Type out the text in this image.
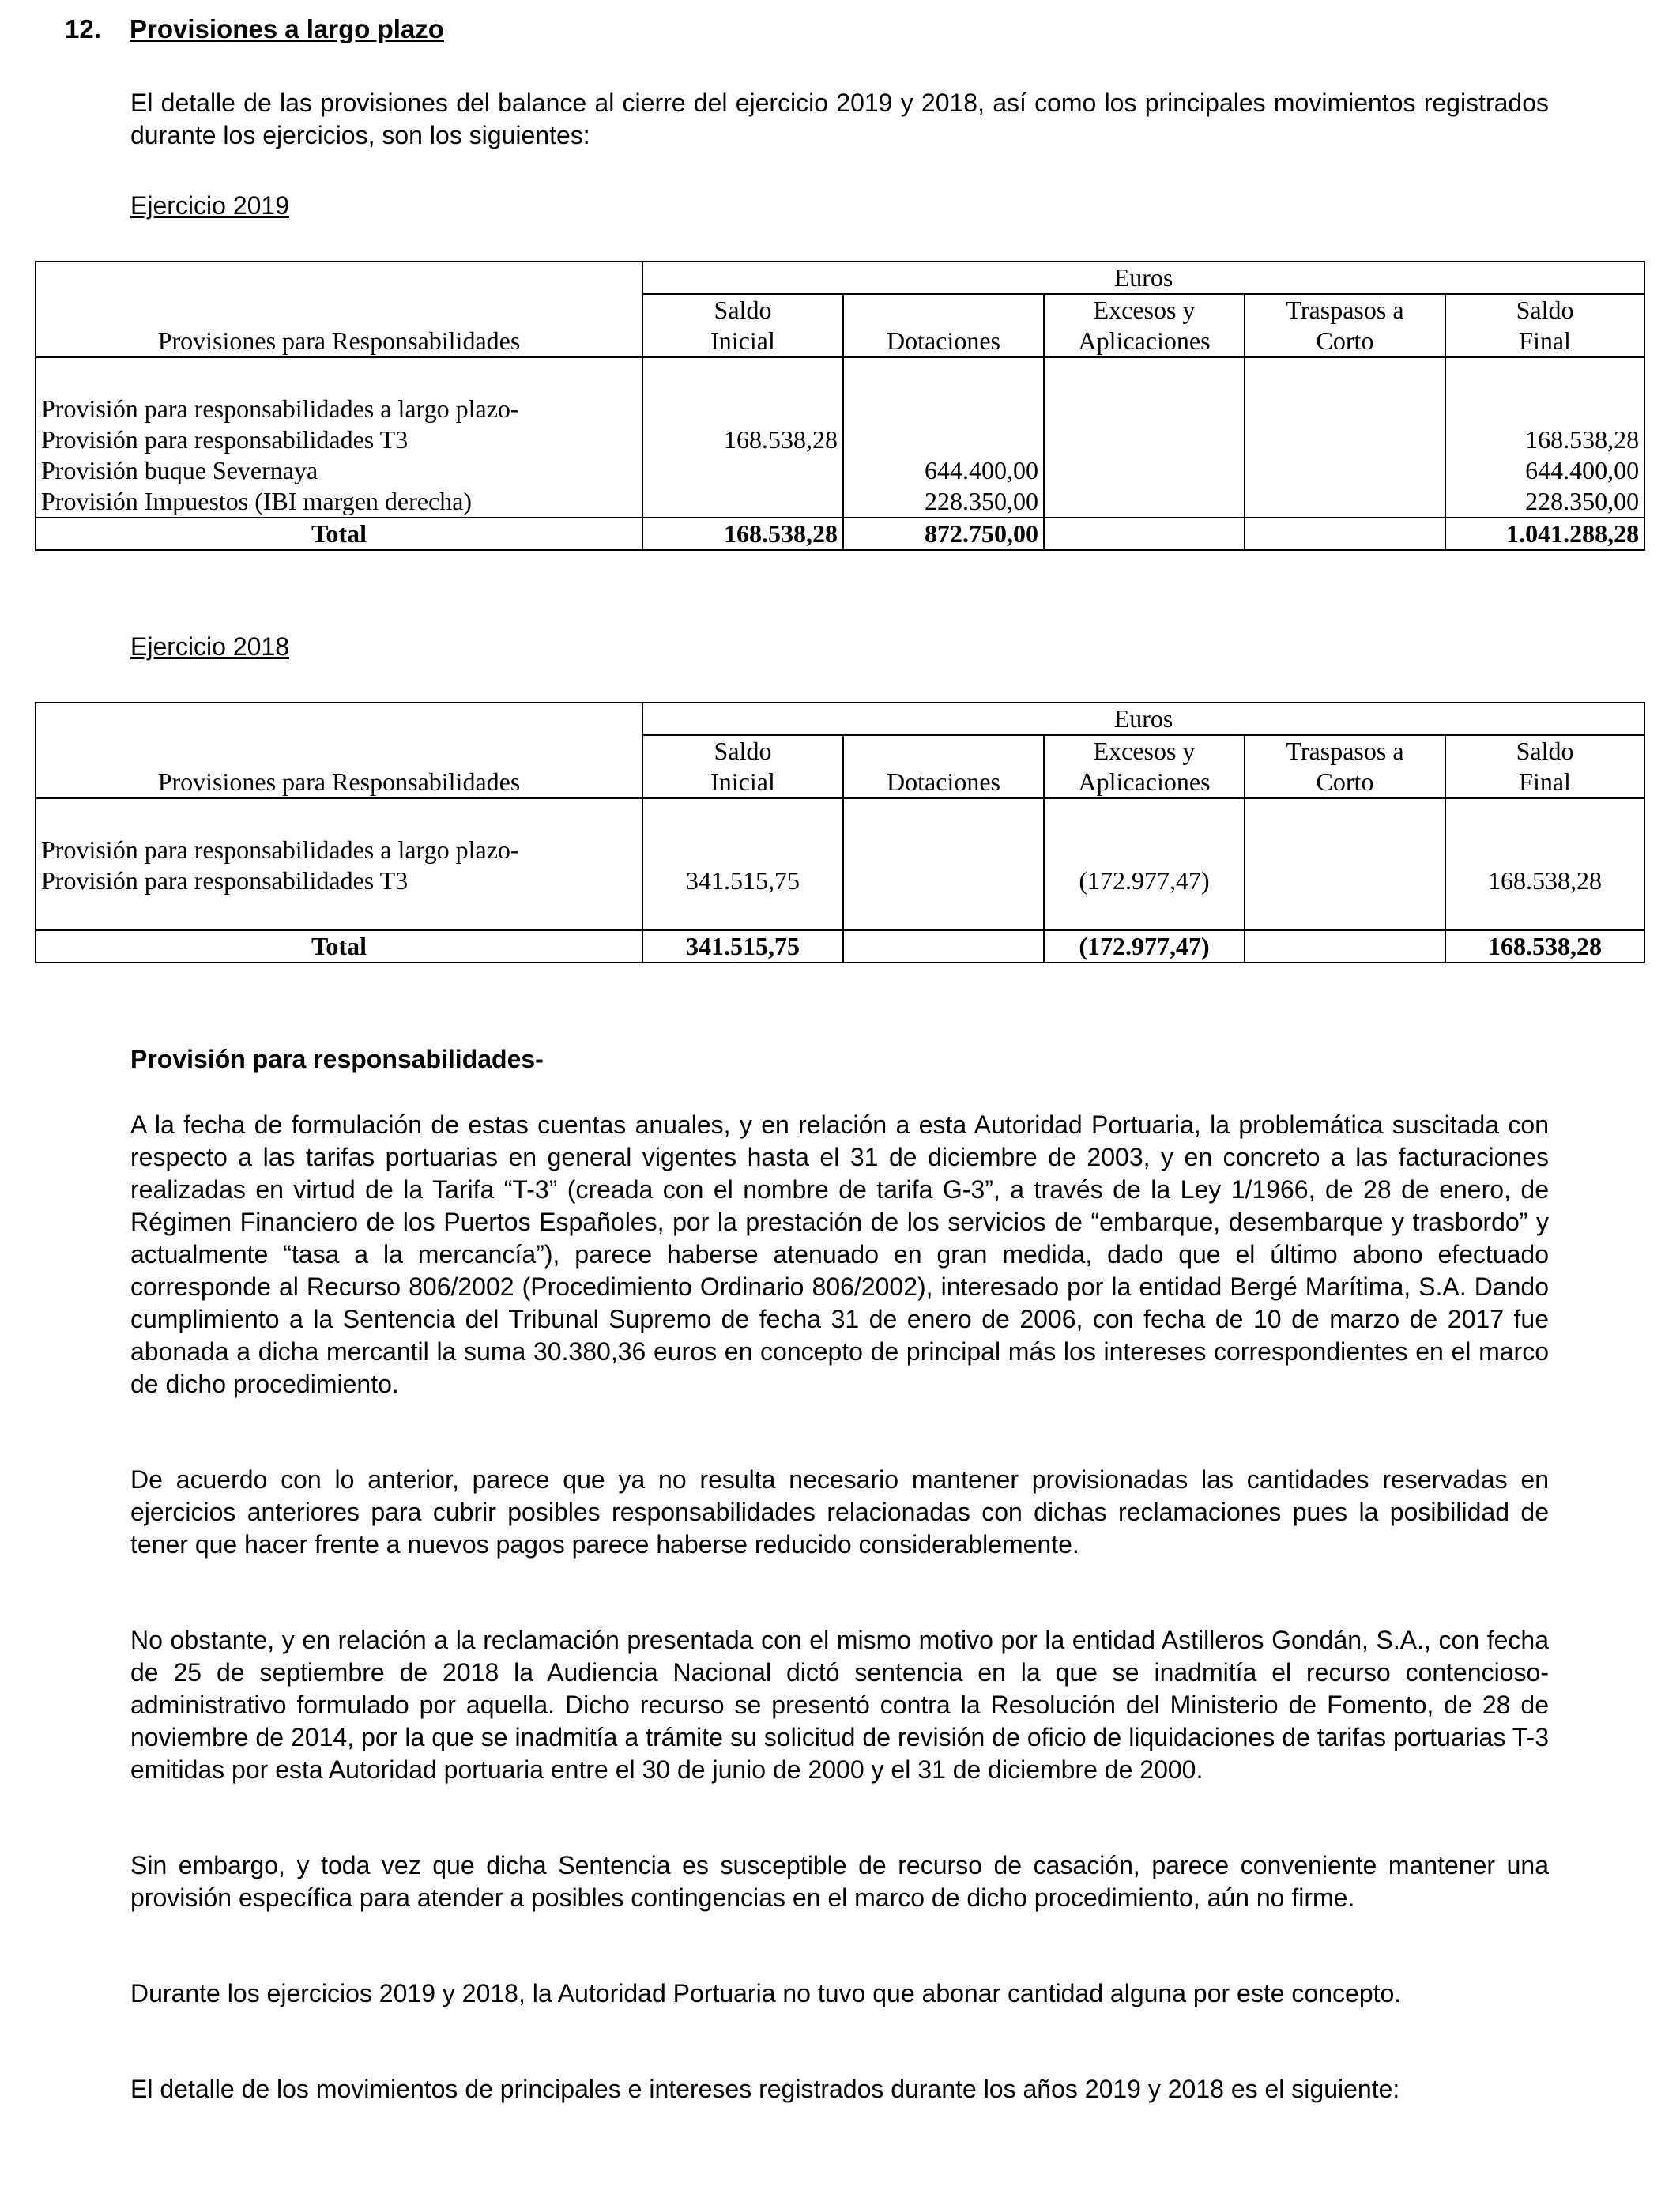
12. Provisiones a largo plazo

El detalle de las provisiones del balance al cierre del ejercicio 2019 y 2018, así como los principales movimientos registrados durante los ejercicios, son los siguientes:

Ejercicio 2019
Provisiones para Responsabilidades	Euros				
	Saldo		Excesos y	Traspasos a	Saldo
	Inicial	Dotaciones	Aplicaciones	Corto	Final

Provisión para responsabilidades a largo plazo-					
Provisión para responsabilidades T3	168.538,28				168.538,28
Provisión buque Severnaya		644.400,00			644.400,00
Provisión Impuestos (IBI margen derecha)		228.350,00			228.350,00
Total	168.538,28	872.750,00			1.041.288,28
Ejercicio 2018
Provisiones para Responsabilidades	Euros				
	Saldo		Excesos y	Traspasos a	Saldo
	Inicial	Dotaciones	Aplicaciones	Corto	Final

Provisión para responsabilidades a largo plazo-					
Provisión para responsabilidades T3	341.515,75		(172.977,47)		168.538,28

Total	341.515,75		(172.977,47)		168.538,28
Provisión para responsabilidades-

A la fecha de formulación de estas cuentas anuales, y en relación a esta Autoridad Portuaria, la problemática suscitada con respecto a las tarifas portuarias en general vigentes hasta el 31 de diciembre de 2003, y en concreto a las facturaciones realizadas en virtud de la Tarifa “T-3” (creada con el nombre de tarifa G-3”, a través de la Ley 1/1966, de 28 de enero, de Régimen Financiero de los Puertos Españoles, por la prestación de los servicios de “embarque, desembarque y trasbordo” y actualmente “tasa a la mercancía”), parece haberse atenuado en gran medida, dado que el último abono efectuado corresponde al Recurso 806/2002 (Procedimiento Ordinario 806/2002), interesado por la entidad Bergé Marítima, S.A. Dando cumplimiento a la Sentencia del Tribunal Supremo de fecha 31 de enero de 2006, con fecha de 10 de marzo de 2017 fue abonada a dicha mercantil la suma 30.380,36 euros en concepto de principal más los intereses correspondientes en el marco de dicho procedimiento.

De acuerdo con lo anterior, parece que ya no resulta necesario mantener provisionadas las cantidades reservadas en ejercicios anteriores para cubrir posibles responsabilidades relacionadas con dichas reclamaciones pues la posibilidad de tener que hacer frente a nuevos pagos parece haberse reducido considerablemente.

No obstante, y en relación a la reclamación presentada con el mismo motivo por la entidad Astilleros Gondán, S.A., con fecha de 25 de septiembre de 2018 la Audiencia Nacional dictó sentencia en la que se inadmitía el recurso contencioso-administrativo formulado por aquella. Dicho recurso se presentó contra la Resolución del Ministerio de Fomento, de 28 de noviembre de 2014, por la que se inadmitía a trámite su solicitud de revisión de oficio de liquidaciones de tarifas portuarias T-3 emitidas por esta Autoridad portuaria entre el 30 de junio de 2000 y el 31 de diciembre de 2000.

Sin embargo, y toda vez que dicha Sentencia es susceptible de recurso de casación, parece conveniente mantener una provisión específica para atender a posibles contingencias en el marco de dicho procedimiento, aún no firme.

Durante los ejercicios 2019 y 2018, la Autoridad Portuaria no tuvo que abonar cantidad alguna por este concepto.

El detalle de los movimientos de principales e intereses registrados durante los años 2019 y 2018 es el siguiente:
